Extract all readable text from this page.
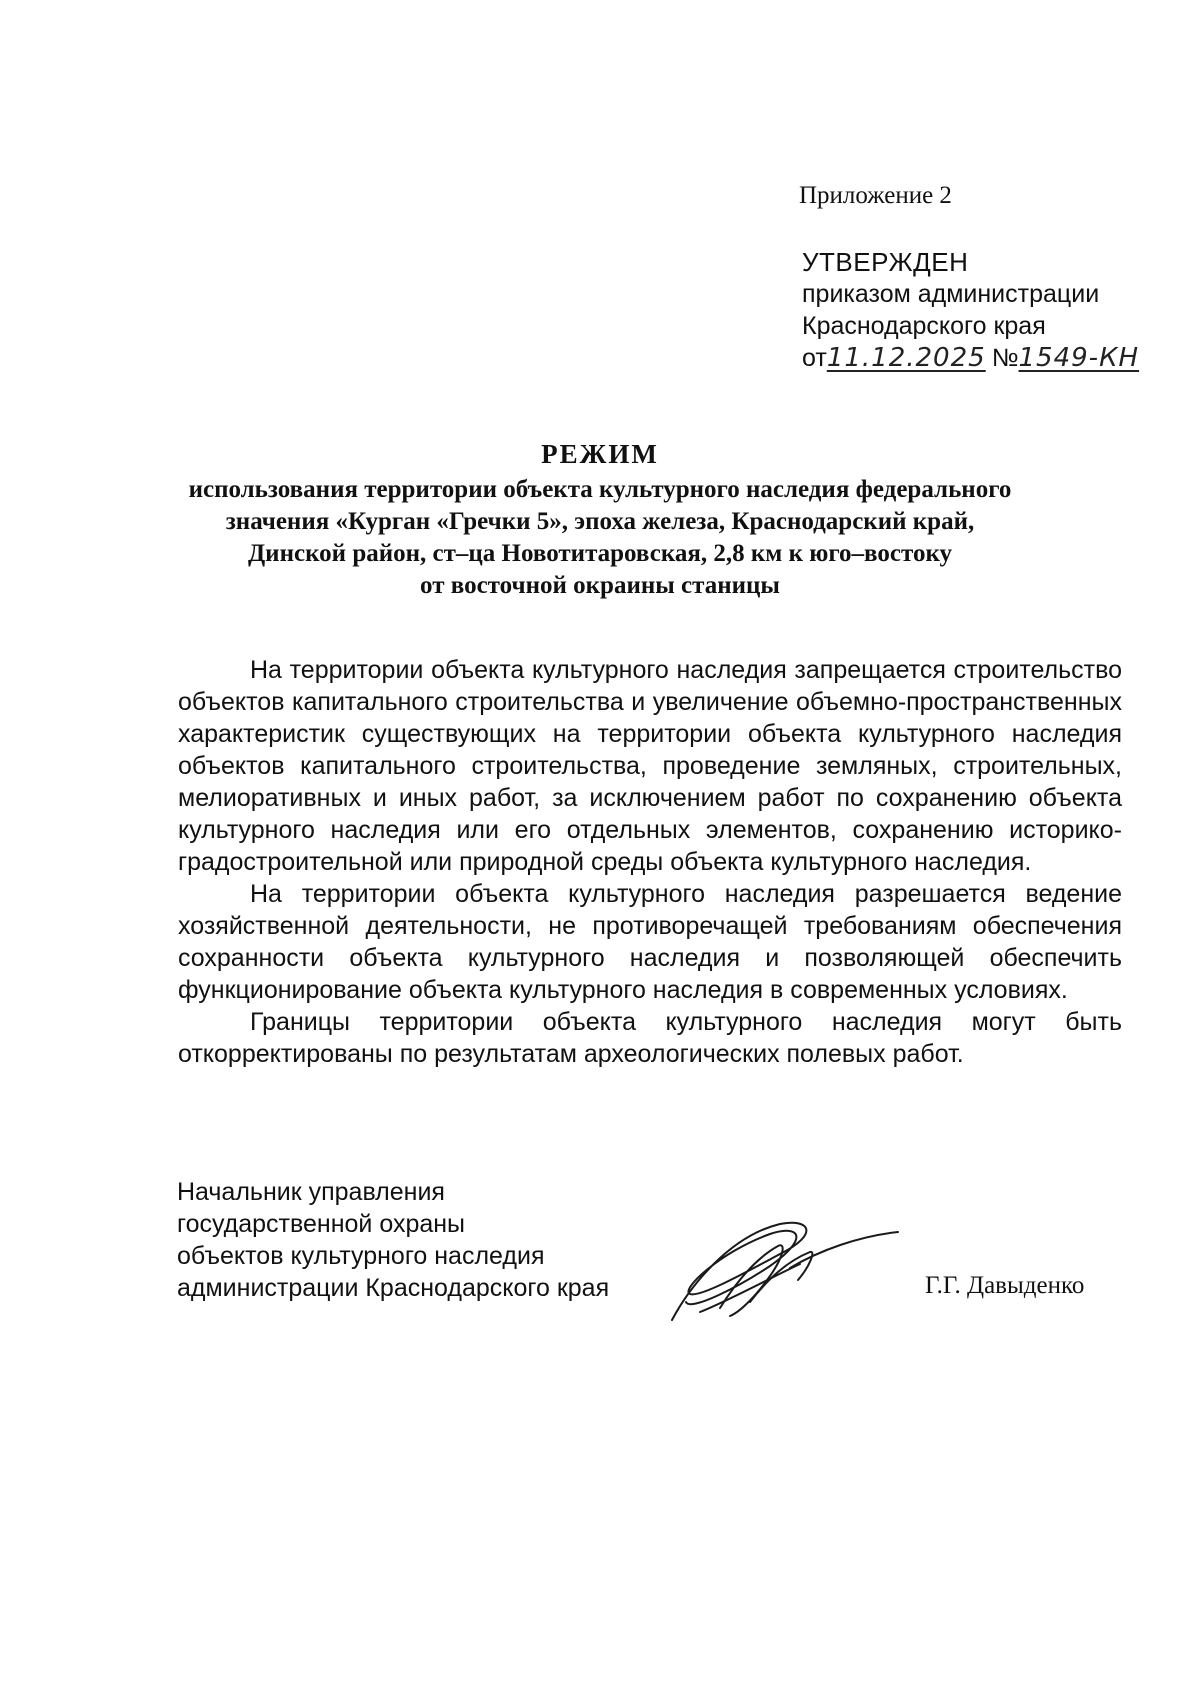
Приложение 2
УТВЕРЖДЕН
приказом администрации
Краснодарского края
от11.12.2025 №1549-КН
РЕЖИМ
использования территории объекта культурного наследия федерального
значения «Курган «Гречки 5», эпоха железа, Краснодарский край,
Динской район, ст–ца Новотитаровская, 2,8 км к юго–востоку
от восточной окраины станицы

На территории объекта культурного наследия запрещается строительство объектов капитального строительства и увеличение объемно-пространственных характеристик существующих на территории объекта культурного наследия объектов капитального строительства, проведение земляных, строительных, мелиоративных и иных работ, за исключением работ по сохранению объекта культурного наследия или его отдельных элементов, сохранению историко-градостроительной или природной среды объекта культурного наследия.

На территории объекта культурного наследия разрешается ведение хозяйственной деятельности, не противоречащей требованиям обеспечения сохранности объекта культурного наследия и позволяющей обеспечить функционирование объекта культурного наследия в современных условиях.

Границы территории объекта культурного наследия могут быть откорректированы по результатам археологических полевых работ.

Начальник управления
государственной охраны
объектов культурного наследия
администрации Краснодарского края	Г.Г. Давыденко
